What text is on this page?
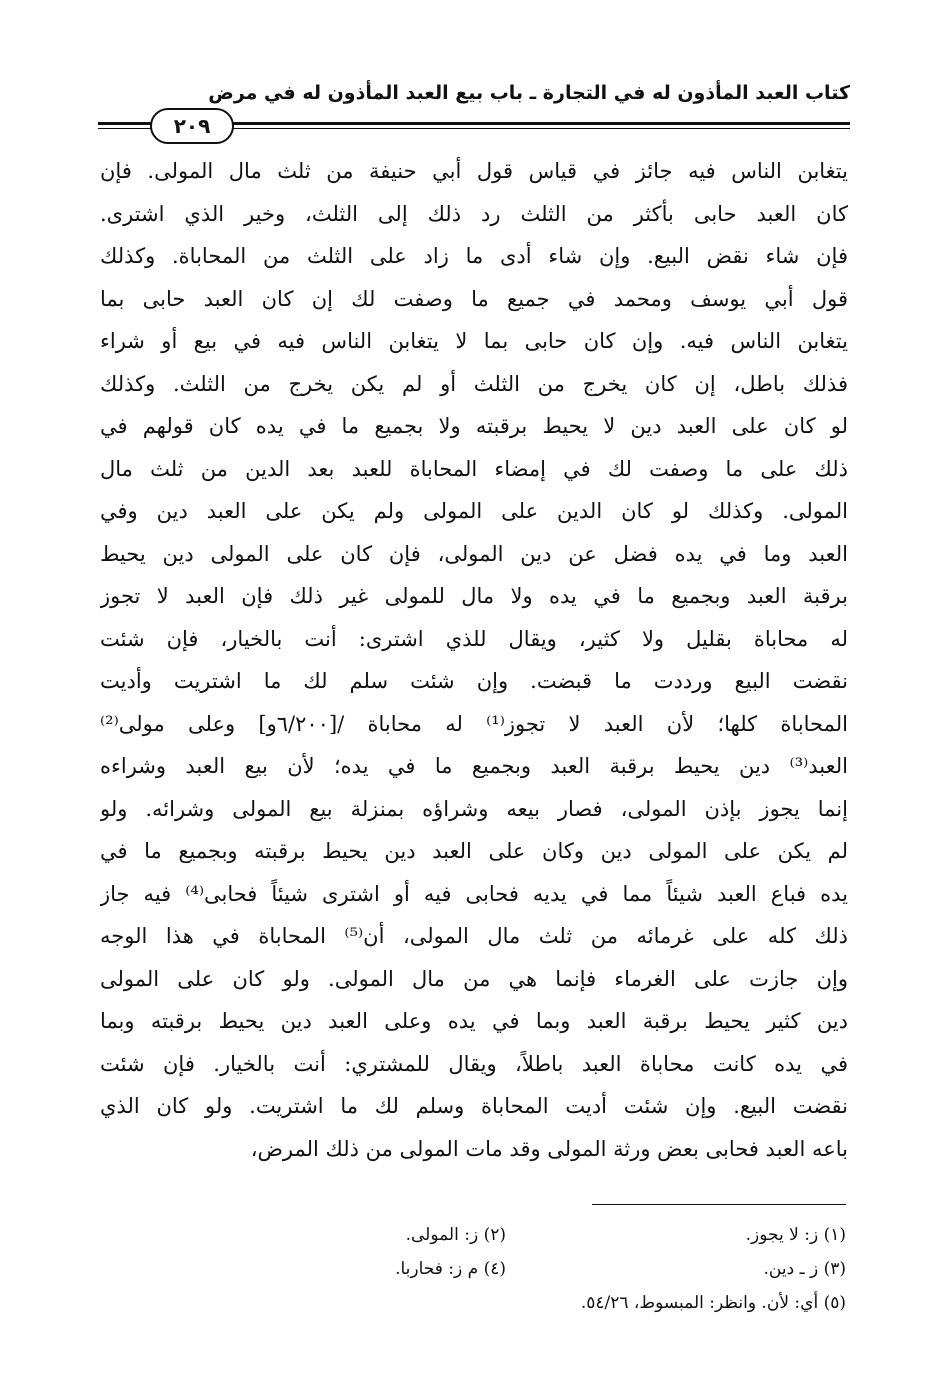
كتاب العبد المأذون له في التجارة ـ باب بيع العبد المأذون له في مرض
٢٠٩
يتغابن الناس فيه جائز في قياس قول أبي حنيفة من ثلث مال المولى. فإن
كان العبد حابى بأكثر من الثلث رد ذلك إلى الثلث، وخير الذي اشترى.
فإن شاء نقض البيع. وإن شاء أدى ما زاد على الثلث من المحاباة. وكذلك
قول أبي يوسف ومحمد في جميع ما وصفت لك إن كان العبد حابى بما
يتغابن الناس فيه. وإن كان حابى بما لا يتغابن الناس فيه في بيع أو شراء
فذلك باطل، إن كان يخرج من الثلث أو لم يكن يخرج من الثلث. وكذلك
لو كان على العبد دين لا يحيط برقبته ولا بجميع ما في يده كان قولهم في
ذلك على ما وصفت لك في إمضاء المحاباة للعبد بعد الدين من ثلث مال
المولى. وكذلك لو كان الدين على المولى ولم يكن على العبد دين وفي
العبد وما في يده فضل عن دين المولى، فإن كان على المولى دين يحيط
برقبة العبد وبجميع ما في يده ولا مال للمولى غير ذلك فإن العبد لا تجوز
له محاباة بقليل ولا كثير، ويقال للذي اشترى: أنت بالخيار، فإن شئت
نقضت البيع ورددت ما قبضت. وإن شئت سلم لك ما اشتريت وأديت
المحاباة كلها؛ لأن العبد لا تجوز⁽¹⁾ له محاباة /[٦/٢٠٠و] وعلى مولى⁽²⁾
العبد⁽³⁾ دين يحيط برقبة العبد وبجميع ما في يده؛ لأن بيع العبد وشراءه
إنما يجوز بإذن المولى، فصار بيعه وشراؤه بمنزلة بيع المولى وشرائه. ولو
لم يكن على المولى دين وكان على العبد دين يحيط برقبته وبجميع ما في
يده فباع العبد شيئاً مما في يديه فحابى فيه أو اشترى شيئاً فحابى⁽⁴⁾ فيه جاز
ذلك كله على غرمائه من ثلث مال المولى، أن⁽⁵⁾ المحاباة في هذا الوجه
وإن جازت على الغرماء فإنما هي من مال المولى. ولو كان على المولى
دين كثير يحيط برقبة العبد وبما في يده وعلى العبد دين يحيط برقبته وبما
في يده كانت محاباة العبد باطلاً، ويقال للمشتري: أنت بالخيار. فإن شئت
نقضت البيع. وإن شئت أديت المحاباة وسلم لك ما اشتريت. ولو كان الذي
باعه العبد فحابى بعض ورثة المولى وقد مات المولى من ذلك المرض،
(١) ز: لا يجوز.
(٢) ز: المولى.
(٣) ز ـ دين.
(٤) م ز: فحاربا.
(٥) أي: لأن. وانظر: المبسوط، ٥٤/٢٦.
